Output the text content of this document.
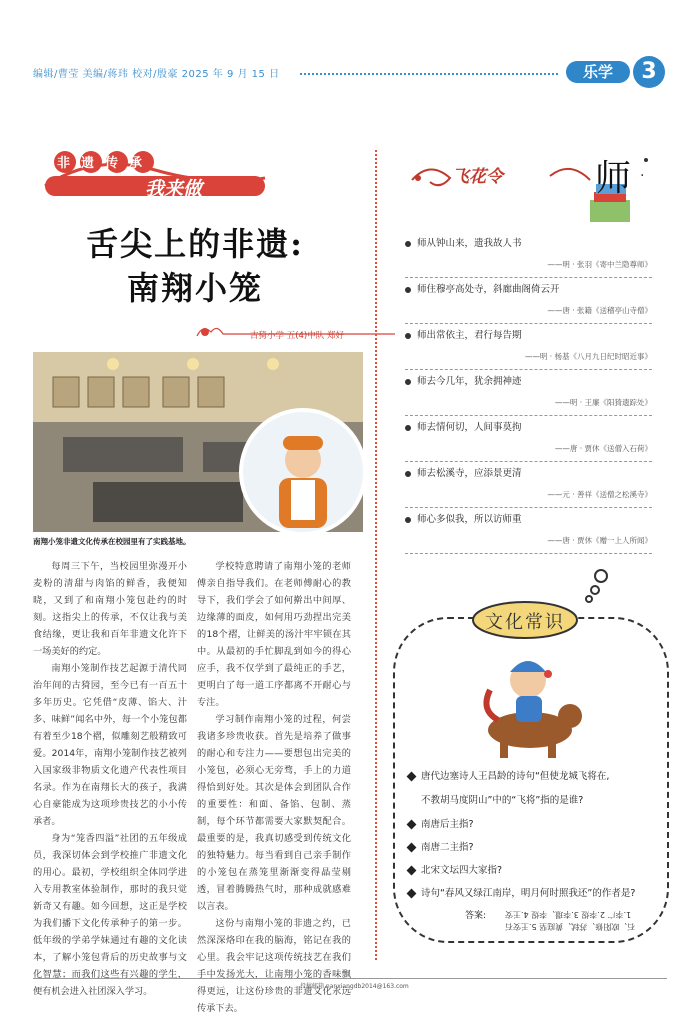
编辑/曹莹 美编/蒋玮 校对/殷豪 2025 年 9 月 15 日	乐学	3
非遗传承
我来做
舌尖上的非遗:
南翔小笼
古猗小学 五(4)中队 郑好
南翔小笼非遗文化传承在校园里有了实践基地。

每周三下午，当校园里弥漫开小麦粉的清甜与肉馅的鲜香，我便知晓，又到了和南翔小笼包赴约的时刻。这指尖上的传承，不仅让我与美食结缘，更让我和百年非遗文化许下一场美好的约定。

南翔小笼制作技艺起源于清代同治年间的古猗园，至今已有一百五十多年历史。它凭借“皮薄、馅大、汁多、味鲜”闻名中外，每一个小笼包都有着至少18个褶，似雕刻艺般精致可爱。2014年，南翔小笼制作技艺被列入国家级非物质文化遗产代表性项目名录。作为在南翔长大的孩子，我满心自豪能成为这项珍贵技艺的小小传承者。

身为“笼香四溢”社团的五年级成员，我深切体会到学校推广非遗文化的用心。最初，学校组织全体同学进入专用教室体验制作，那时的我只觉新奇又有趣。如今回想，这正是学校为我们播下文化传承种子的第一步。低年级的学弟学妹通过有趣的文化读本，了解小笼包背后的历史故事与文化智慧；而我们这些有兴趣的学生，便有机会进入社团深入学习。

学校特意聘请了南翔小笼的老师傅亲自指导我们。在老师傅耐心的教导下，我们学会了如何擀出中间厚、边缘薄的面皮，如何用巧劲捏出完美的18个褶，让鲜美的汤汁牢牢锁在其中。从最初的手忙脚乱到如今的得心应手，我不仅学到了最纯正的手艺，更明白了每一道工序都离不开耐心与专注。

学习制作南翔小笼的过程，何尝我诸多珍贵收获。首先是培养了做事的耐心和专注力——要想包出完美的小笼包，必须心无旁骛，手上的力道得恰到好处。其次是体会到团队合作的重要性：和面、备馅、包制、蒸制，每个环节都需要大家默契配合。最重要的是，我真切感受到传统文化的独特魅力。每当看到自己亲手制作的小笼包在蒸笼里渐渐变得晶莹剔透，冒着腾腾热气时，那种成就感难以言表。

这份与南翔小笼的非遗之约，已然深深烙印在我的脑海，铭记在我的心里。我会牢记这项传统技艺在我们手中发扬光大，让南翔小笼的香味飘得更远，让这份珍贵的非遗文化永远传承下去。

飞花令	师 ·
师从钟山来，遗我故人书
——明 · 张羽《寄中兰隐尊师》
师住穆亭高处寺，斜廊曲阁倚云开
——唐 · 张籍《送稽亭山寺僧》
师出常依主，君行每告期
——明 · 杨基《八月九日纪时昭近事》
师去今几年，犹余拥神迹
——明 · 王廉《阳猗遗踪处》
师去情何切，人间事莫拘
——唐 · 贾休《送僧入石荷》
师去松溪寺，应添景更清
——元 · 善祥《送僧之松溪寺》
师心多似我，所以访师重
——唐 · 贾休《赠一上人所闻》
文化常识
唐代边塞诗人王昌龄的诗句“但使龙城飞将在,
不教胡马度阴山”中的“飞将”指的是谁?
南唐后主指?
南唐二主指?
北宋文坛四大家指?
诗句“春风又绿江南岸，明月何时照我还”的作者是?
答案:
石、欧阳修、苏轼、黄庭坚 5.王安石
1.李广 2.李煜 3.李璟、李煜 4.王安
投稿邮箱 nanxiangdb2014@163.com
